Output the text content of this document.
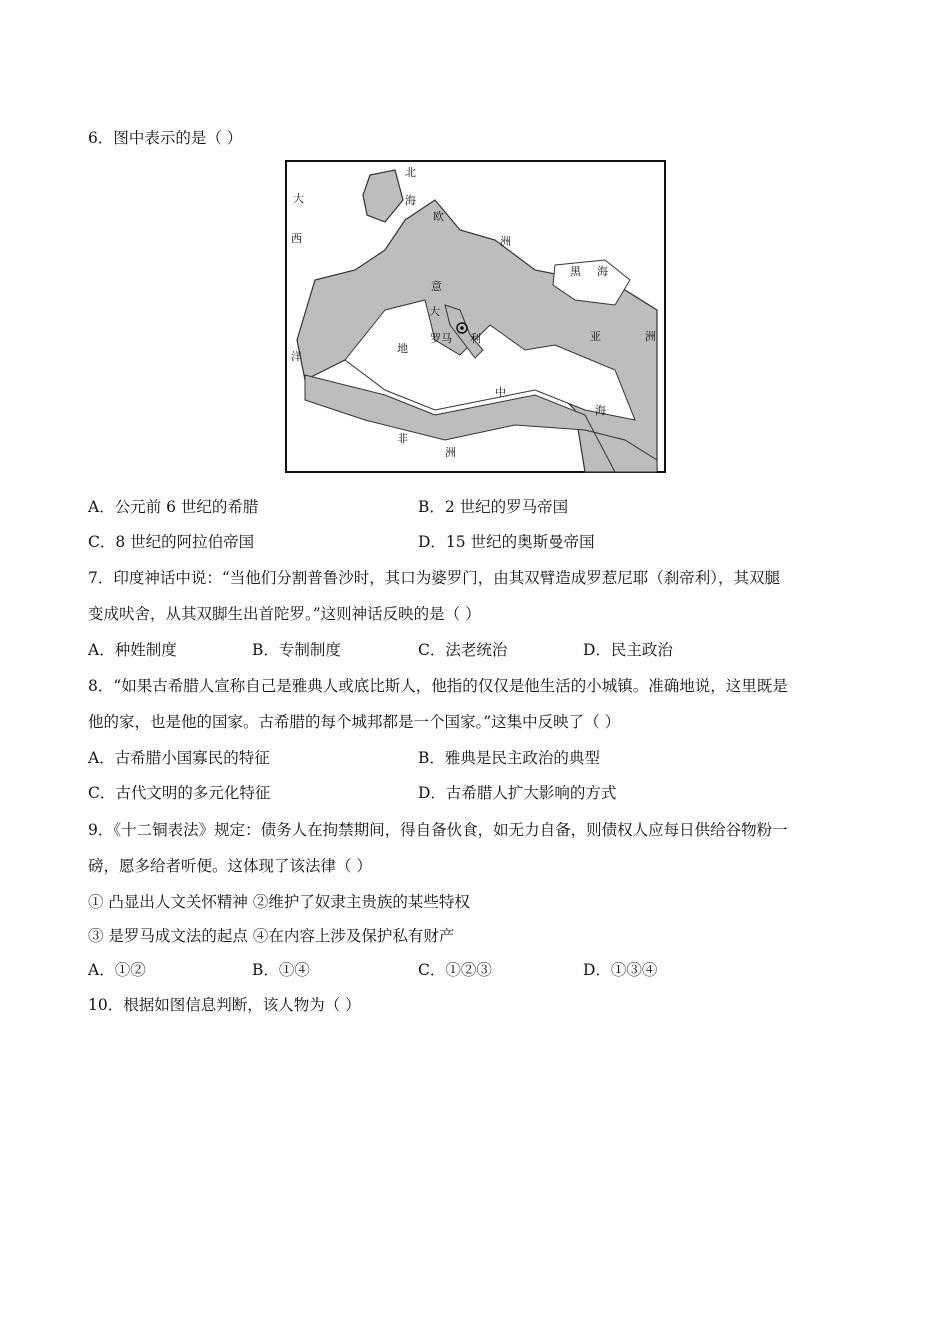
6．图中表示的是（ ）
大
西
洋
北
海
欧
洲
意
大
利
罗马
黑 海
亚	洲
地
中
海
非
洲
A．公元前 6 世纪的希腊	B．2 世纪的罗马帝国
C．8 世纪的阿拉伯帝国	D．15 世纪的奥斯曼帝国
7．印度神话中说：“当他们分割普鲁沙时，其口为婆罗门，由其双臂造成罗惹尼耶（刹帝利），其双腿
变成吠舍，从其双脚生出首陀罗。”这则神话反映的是（ ）
A．种姓制度	B．专制制度	C．法老统治	D．民主政治
8．“如果古希腊人宣称自己是雅典人或底比斯人，他指的仅仅是他生活的小城镇。准确地说，这里既是
他的家，也是他的国家。古希腊的每个城邦都是一个国家。”这集中反映了（ ）
A．古希腊小国寡民的特征	B．雅典是民主政治的典型
C．古代文明的多元化特征	D．古希腊人扩大影响的方式
9．《十二铜表法》规定：债务人在拘禁期间，得自备伙食，如无力自备，则债权人应每日供给谷物粉一
磅，愿多给者听便。这体现了该法律（ ）
① 凸显出人文关怀精神 ②维护了奴隶主贵族的某些特权
③ 是罗马成文法的起点 ④在内容上涉及保护私有财产
A．①②	B．①④	C．①②③	D．①③④
10．根据如图信息判断，该人物为（ ）
